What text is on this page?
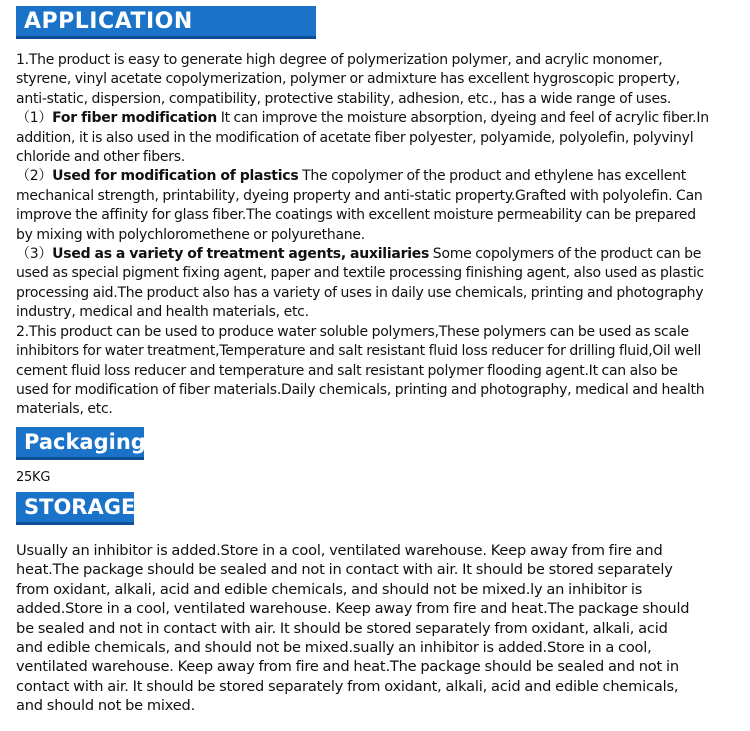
APPLICATION
1.The product is easy to generate high degree of polymerization polymer, and acrylic monomer,
styrene, vinyl acetate copolymerization, polymer or admixture has excellent hygroscopic property,
anti-static, dispersion, compatibility, protective stability, adhesion, etc., has a wide range of uses.
（1）For fiber modification It can improve the moisture absorption, dyeing and feel of acrylic fiber.In
addition, it is also used in the modification of acetate fiber polyester, polyamide, polyolefin, polyvinyl
chloride and other fibers.
（2）Used for modification of plastics The copolymer of the product and ethylene has excellent
mechanical strength, printability, dyeing property and anti-static property.Grafted with polyolefin. Can
improve the affinity for glass fiber.The coatings with excellent moisture permeability can be prepared
by mixing with polychloromethene or polyurethane.
（3）Used as a variety of treatment agents, auxiliaries Some copolymers of the product can be
used as special pigment fixing agent, paper and textile processing finishing agent, also used as plastic
processing aid.The product also has a variety of uses in daily use chemicals, printing and photography
industry, medical and health materials, etc.
2.This product can be used to produce water soluble polymers,These polymers can be used as scale
inhibitors for water treatment,Temperature and salt resistant fluid loss reducer for drilling fluid,Oil well
cement fluid loss reducer and temperature and salt resistant polymer flooding agent.It can also be
used for modification of fiber materials.Daily chemicals, printing and photography, medical and health
materials, etc.
Packaging
25KG
STORAGE
Usually an inhibitor is added.Store in a cool, ventilated warehouse. Keep away from fire and
heat.The package should be sealed and not in contact with air. It should be stored separately
from oxidant, alkali, acid and edible chemicals, and should not be mixed.ly an inhibitor is
added.Store in a cool, ventilated warehouse. Keep away from fire and heat.The package should
be sealed and not in contact with air. It should be stored separately from oxidant, alkali, acid
and edible chemicals, and should not be mixed.sually an inhibitor is added.Store in a cool,
ventilated warehouse. Keep away from fire and heat.The package should be sealed and not in
contact with air. It should be stored separately from oxidant, alkali, acid and edible chemicals,
and should not be mixed.
